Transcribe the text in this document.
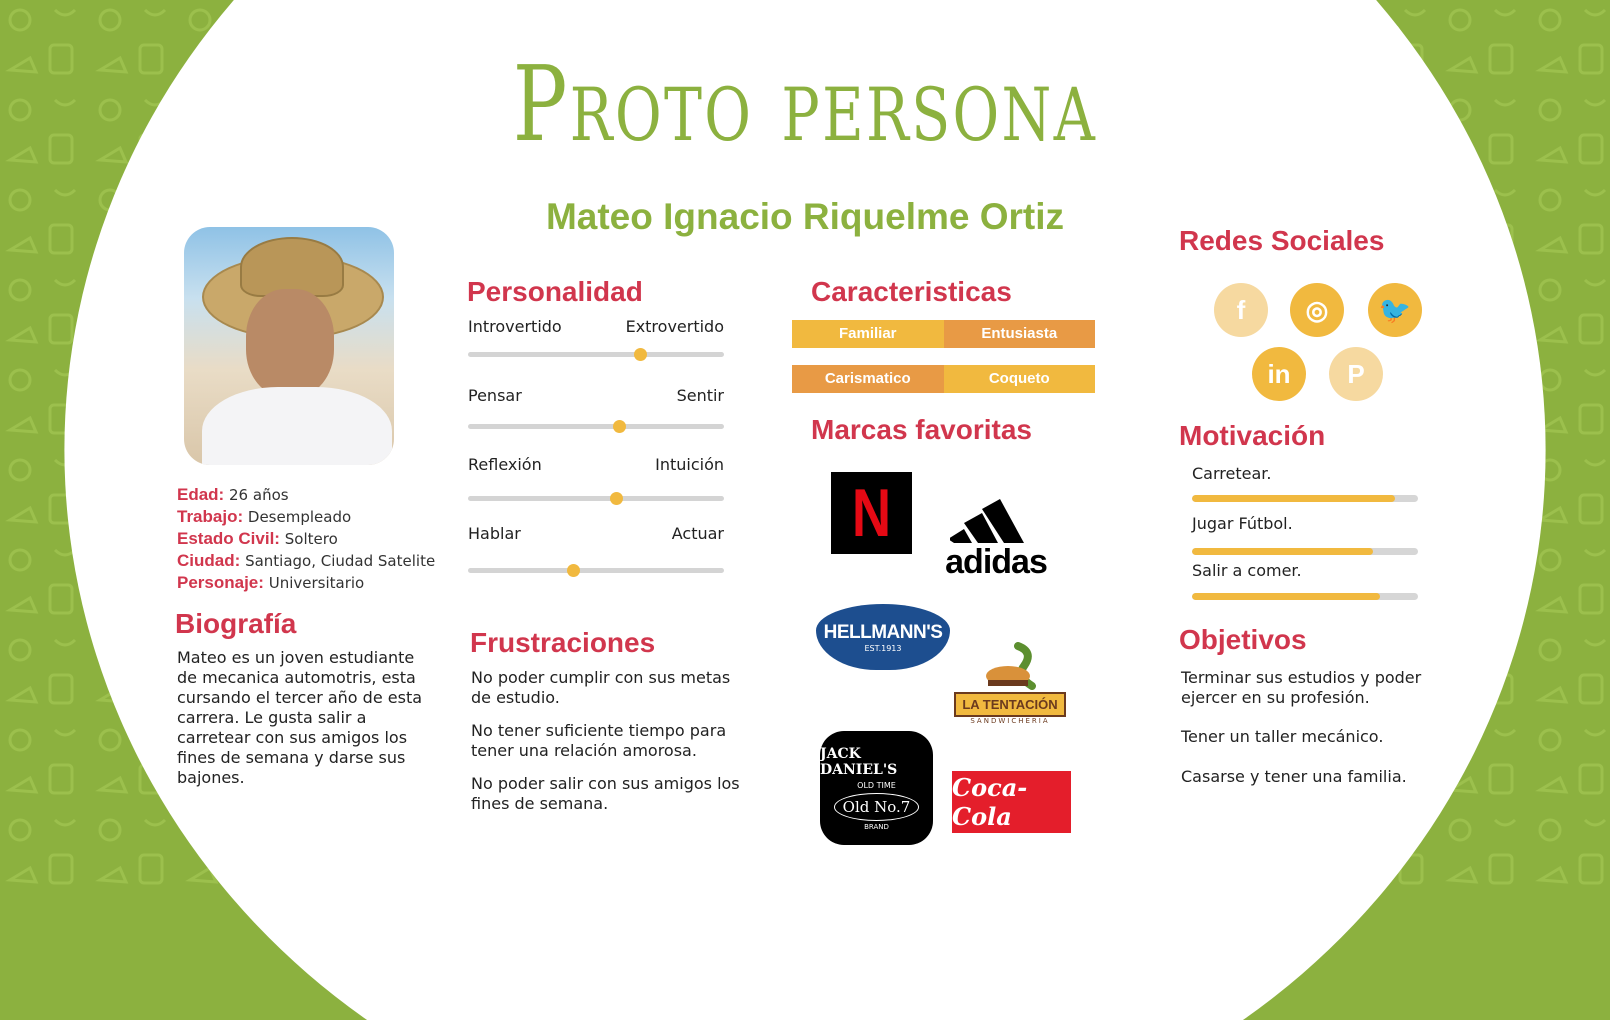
Proto persona
Mateo Ignacio Riquelme Ortiz
Edad: 26 años
Trabajo: Desempleado
Estado Civil: Soltero
Ciudad: Santiago, Ciudad Satelite
Personaje: Universitario
Biografía
Mateo es un joven estudiante de mecanica automotris, esta cursando el tercer año de esta carrera. Le gusta salir a carretear con sus amigos los fines de semana y darse sus bajones.
Personalidad
Introvertido	Extrovertido
Pensar	Sentir
Reflexión	Intuición
Hablar	Actuar
Frustraciones
No poder cumplir con sus metas de estudio.
No tener suficiente tiempo para tener una relación amorosa.
No poder salir con sus amigos los fines de semana.
Caracteristicas
Familiar	Entusiasta
Carismatico	Coqueto
Marcas favoritas
N
adidas
HELLMANN'S
EST.1913
LA TENTACIÓN
SANDWICHERIA
JACK DANIEL'S
OLD TIME
Old No.7
BRAND
Coca-Cola
Redes Sociales
f	◎	🐦
in	P
Motivación
Carretear.
Jugar Fútbol.
Salir a comer.
Objetivos
Terminar sus estudios y poder ejercer en su profesión.
Tener un taller mecánico.
Casarse y tener una familia.
